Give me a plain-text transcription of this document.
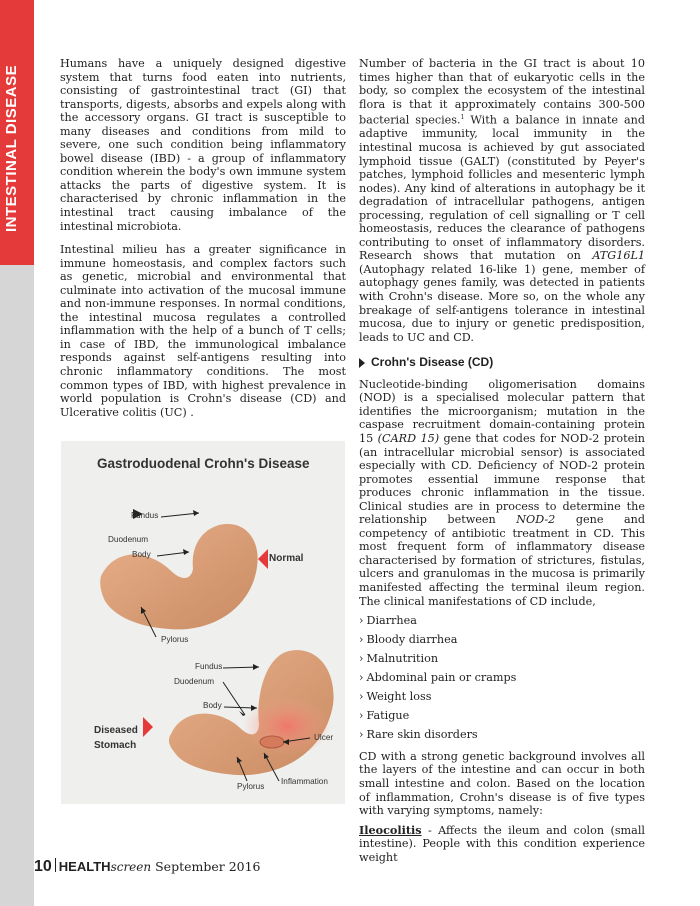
INTESTINAL DISEASE

Humans have a uniquely designed digestive system that turns food eaten into nutrients, consisting of gastrointestinal tract (GI) that transports, digests, absorbs and expels along with the accessory organs. GI tract is susceptible to many diseases and conditions from mild to severe, one such condition being inflammatory bowel disease (IBD) - a group of inflammatory condition wherein the body's own immune system attacks the parts of digestive system. It is characterised by chronic inflammation in the intestinal tract causing imbalance of the intestinal microbiota.

Intestinal milieu has a greater significance in immune homeostasis, and complex factors such as genetic, microbial and environmental that culminate into activation of the mucosal immune and non-immune responses. In normal conditions, the intestinal mucosa regulates a controlled inflammation with the help of a bunch of T cells; in case of IBD, the immunological imbalance responds against self-antigens resulting into chronic inflammatory conditions. The most common types of IBD, with highest prevalence in world population is Crohn's disease (CD) and Ulcerative colitis (UC) .

Gastroduodenal Crohn's Disease
Fundus
Duodenum
Body
Pylorus
Normal
Fundus
Duodenum
Body
Ulcer
Pylorus
Inflammation
Diseased
Stomach

Number of bacteria in the GI tract is about 10 times higher than that of eukaryotic cells in the body, so complex the ecosystem of the intestinal flora is that it approximately contains 300-500 bacterial species.$^1$ With a balance in innate and adaptive immunity, local immunity in the intestinal mucosa is achieved by gut associated lymphoid tissue (GALT) (constituted by Peyer's patches, lymphoid follicles and mesenteric lymph nodes). Any kind of alterations in autophagy be it degradation of intracellular pathogens, antigen processing, regulation of cell signalling or T cell homeostasis, reduces the clearance of pathogens contributing to onset of inflammatory disorders. Research shows that mutation on ATG16L1 (Autophagy related 16-like 1) gene, member of autophagy genes family, was detected in patients with Crohn's disease. More so, on the whole any breakage of self-antigens tolerance in intestinal mucosa, due to injury or genetic predisposition, leads to UC and CD.

Crohn's Disease (CD)

Nucleotide-binding oligomerisation domains (NOD) is a specialised molecular pattern that identifies the microorganism; mutation in the caspase recruitment domain-containing protein 15 (CARD 15) gene that codes for NOD-2 protein (an intracellular microbial sensor) is associated especially with CD. Deficiency of NOD-2 protein promotes essential immune response that produces chronic inflammation in the tissue. Clinical studies are in process to determine the relationship between NOD-2 gene and competency of antibiotic treatment in CD. This most frequent form of inflammatory disease characterised by formation of strictures, fistulas, ulcers and granulomas in the mucosa is primarily manifested affecting the terminal ileum region. The clinical manifestations of CD include,

› Diarrhea
› Bloody diarrhea
› Malnutrition
› Abdominal pain or cramps
› Weight loss
› Fatigue
› Rare skin disorders

CD with a strong genetic background involves all the layers of the intestine and can occur in both small intestine and colon. Based on the location of inflammation, Crohn's disease is of five types with varying symptoms, namely:

Ileocolitis - Affects the ileum and colon (small intestine). People with this condition experience weight

10 HEALTHscreen September 2016
